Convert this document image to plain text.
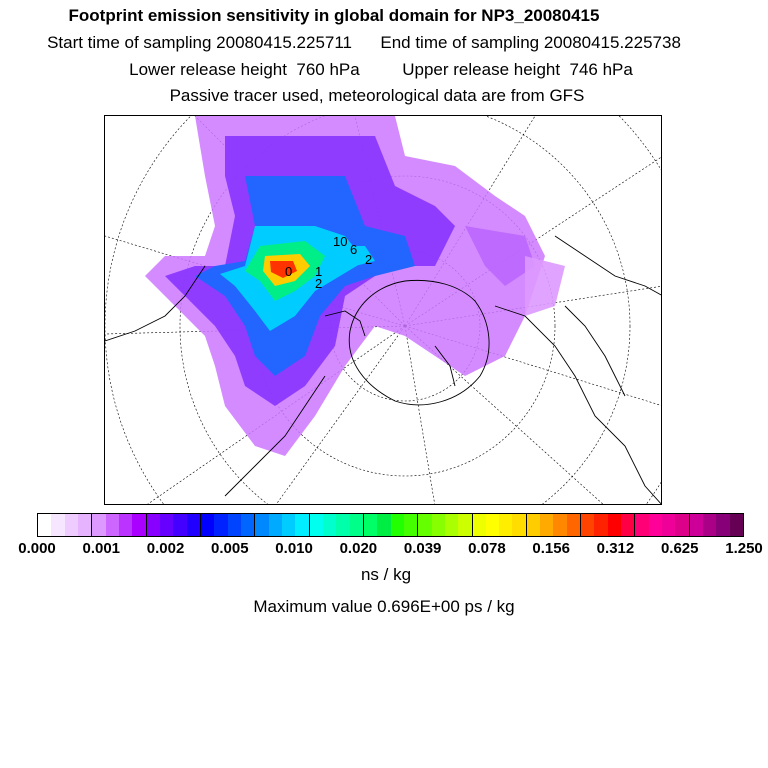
Footprint emission sensitivity in global domain for NP3_20080415
Start time of sampling 20080415.225711 End time of sampling 20080415.225738
Lower release height  760 hPa	Upper release height  746 hPa
Passive tracer used, meteorological data are from GFS
10
6
2
1
0
2
0.000 0.001 0.002 0.005 0.010 0.020 0.039 0.078 0.156 0.312 0.625 1.250
ns / kg
Maximum value 0.696E+00 ps / kg
